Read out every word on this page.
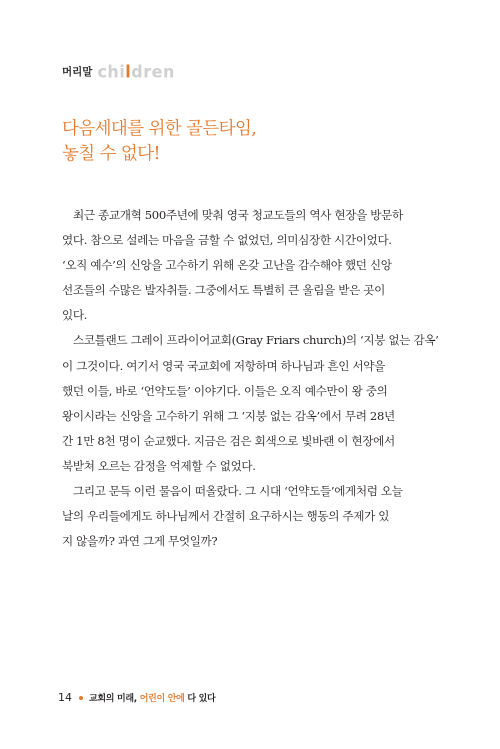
머리말 children
다음세대를 위한 골든타임,
놓칠 수 없다!
최근 종교개혁 500주년에 맞춰 영국 청교도들의 역사 현장을 방문하
였다. 참으로 설레는 마음을 금할 수 없었던, 의미심장한 시간이었다.
‘오직 예수’의 신앙을 고수하기 위해 온갖 고난을 감수해야 했던 신앙
선조들의 수많은 발자취들. 그중에서도 특별히 큰 울림을 받은 곳이
있다.
스코틀랜드 그레이 프라이어교회(Gray Friars church)의 ‘지붕 없는 감옥’
이 그것이다. 여기서 영국 국교회에 저항하며 하나님과 흔인 서약을
했던 이들, 바로 ‘언약도들’ 이야기다. 이들은 오직 예수만이 왕 중의
왕이시라는 신앙을 고수하기 위해 그 ‘지붕 없는 감옥’에서 무려 28년
간 1만 8천 명이 순교했다. 지금은 검은 회색으로 빛바랜 이 현장에서
북받쳐 오르는 감정을 억제할 수 없었다.
그리고 문득 이런 물음이 떠올랐다. 그 시대 ‘언약도들’에게처럼 오늘
날의 우리들에게도 하나님께서 간절히 요구하시는 행동의 주제가 있
지 않을까? 과연 그게 무엇일까?
14 교회의 미래, 어린이 안에 다 있다
